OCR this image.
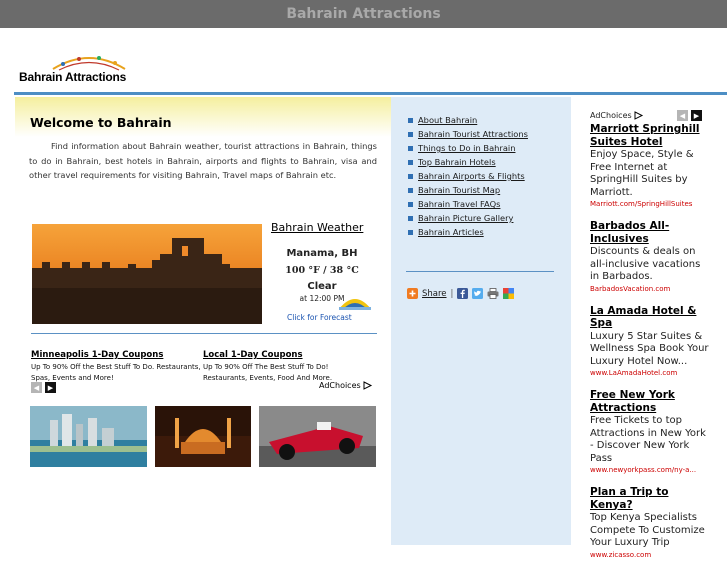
Bahrain Attractions
Bahrain Attractions
Welcome to Bahrain

Find information about Bahrain weather, tourist attractions in Bahrain, things to do in Bahrain, best hotels in Bahrain, airports and flights to Bahrain, visa and other travel requirements for visiting Bahrain, Travel maps of Bahrain etc.

Bahrain Weather
Manama, BH
100 °F / 38 °C
Clear
at 12:00 PM
Click for Forecast
Minneapolis 1-Day Coupons
Up To 90% Off the Best Stuff To Do. Restaurants, Spas, Events and More!
Local 1-Day Coupons
Up To 90% Off The Best Stuff To Do! Restaurants, Events, Food And More.
◀	▶	AdChoices
About Bahrain
Bahrain Tourist Attractions
Things to Do in Bahrain
Top Bahrain Hotels
Bahrain Airports & Flights
Bahrain Tourist Map
Bahrain Travel FAQs
Bahrain Picture Gallery
Bahrain Articles
Share |
AdChoices	◀	▶
Marriott Springhill Suites Hotel
Enjoy Space, Style & Free Internet at SpringHill Suites by Marriott.
Marriott.com/SpringHillSuites
Barbados All-Inclusives
Discounts & deals on all-inclusive vacations in Barbados.
BarbadosVacation.com
La Amada Hotel & Spa
Luxury 5 Star Suites & Wellness Spa Book Your Luxury Hotel Now...
www.LaAmadaHotel.com
Free New York Attractions
Free Tickets to top Attractions in New York - Discover New York Pass
www.newyorkpass.com/ny-a...
Plan a Trip to Kenya?
Top Kenya Specialists Compete To Customize Your Luxury Trip
www.zicasso.com
